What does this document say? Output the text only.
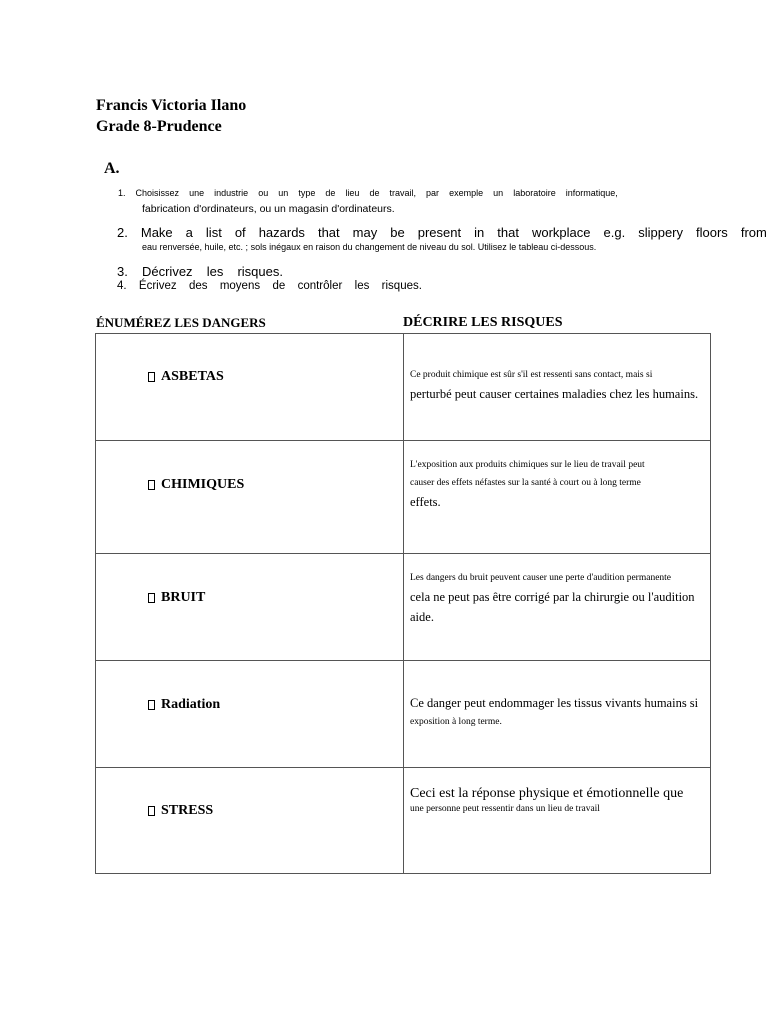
Francis Victoria Ilano
Grade 8-Prudence
A.
1. Choisissez une industrie ou un type de lieu de travail, par exemple un laboratoire informatique,
fabrication d'ordinateurs, ou un magasin d'ordinateurs.
2. Make a list of hazards that may be present in that workplace e.g. slippery floors from
eau renversée, huile, etc. ; sols inégaux en raison du changement de niveau du sol. Utilisez le tableau ci-dessous.
3. Décrivez les risques.
4. Écrivez des moyens de contrôler les risques.
ÉNUMÉREZ LES DANGERS	DÉCRIRE LES RISQUES
ASBETAS	Ce produit chimique est sûr s'il est ressenti sans contact, mais si
perturbé peut causer certaines maladies chez les humains.

CHIMIQUES	L'exposition aux produits chimiques sur le lieu de travail peut
causer des effets néfastes sur la santé à court ou à long terme
effets.

BRUIT	Les dangers du bruit peuvent causer une perte d'audition permanente
cela ne peut pas être corrigé par la chirurgie ou l'audition
aide.

Radiation	Ce danger peut endommager les tissus vivants humains si
exposition à long terme.

STRESS	Ceci est la réponse physique et émotionnelle que
une personne peut ressentir dans un lieu de travail
